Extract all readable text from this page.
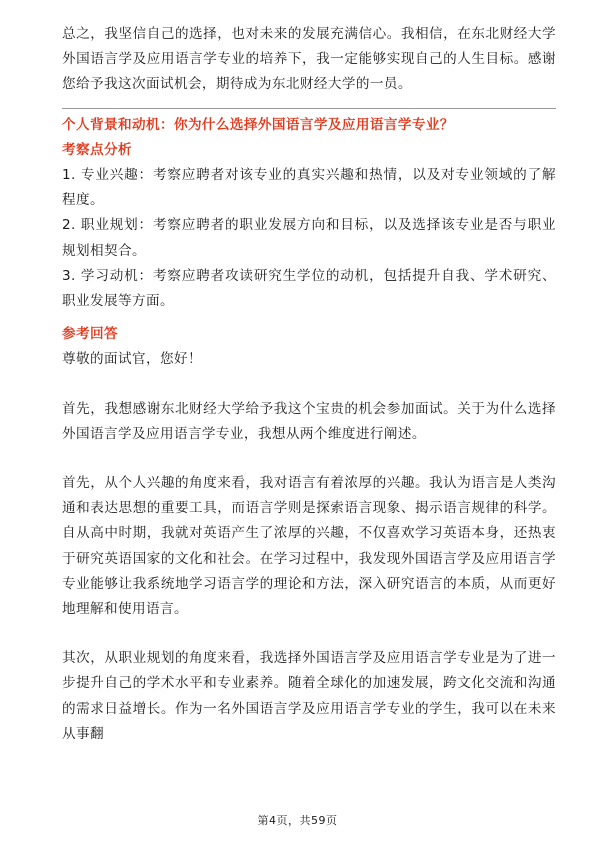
总之，我坚信自己的选择，也对未来的发展充满信心。我相信，在东北财经大学外国语言学及应用语言学专业的培养下，我一定能够实现自己的人生目标。感谢您给予我这次面试机会，期待成为东北财经大学的一员。

个人背景和动机：你为什么选择外国语言学及应用语言学专业？
考察点分析

1. 专业兴趣：考察应聘者对该专业的真实兴趣和热情，以及对专业领域的了解程度。

2. 职业规划：考察应聘者的职业发展方向和目标，以及选择该专业是否与职业规划相契合。

3. 学习动机：考察应聘者攻读研究生学位的动机，包括提升自我、学术研究、职业发展等方面。

参考回答

尊敬的面试官，您好！

首先，我想感谢东北财经大学给予我这个宝贵的机会参加面试。关于为什么选择外国语言学及应用语言学专业，我想从两个维度进行阐述。

首先，从个人兴趣的角度来看，我对语言有着浓厚的兴趣。我认为语言是人类沟通和表达思想的重要工具，而语言学则是探索语言现象、揭示语言规律的科学。自从高中时期，我就对英语产生了浓厚的兴趣，不仅喜欢学习英语本身，还热衷于研究英语国家的文化和社会。在学习过程中，我发现外国语言学及应用语言学专业能够让我系统地学习语言学的理论和方法，深入研究语言的本质，从而更好地理解和使用语言。

其次，从职业规划的角度来看，我选择外国语言学及应用语言学专业是为了进一步提升自己的学术水平和专业素养。随着全球化的加速发展，跨文化交流和沟通的需求日益增长。作为一名外国语言学及应用语言学专业的学生，我可以在未来从事翻

第4页，共59页
